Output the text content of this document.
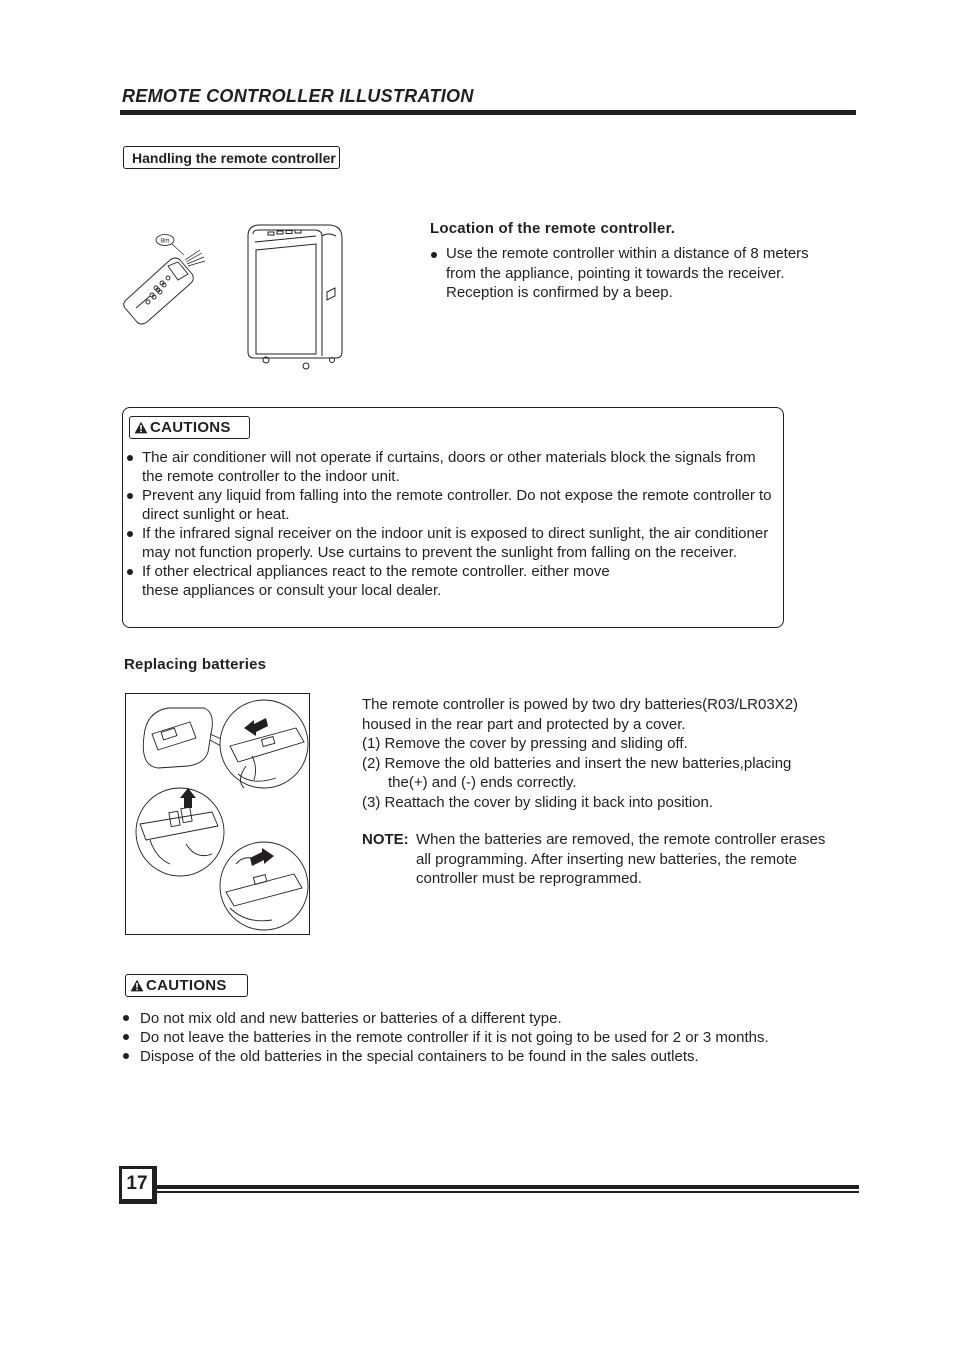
REMOTE CONTROLLER ILLUSTRATION
Handling the remote controller
8m
Location of the remote controller.
Use the remote controller within a distance of 8 meters from the appliance, pointing it towards the receiver. Reception is confirmed by a beep.
CAUTIONS
The air conditioner will not operate if curtains, doors or other materials block the signals from the remote controller to the indoor unit.
Prevent any liquid from falling into the remote controller. Do not expose the remote controller to direct sunlight or heat.
If the infrared signal receiver on the indoor unit is exposed to direct sunlight, the air conditioner may not function properly. Use curtains to prevent the sunlight from falling on the receiver.
If other electrical appliances react to the remote controller. either move these appliances or consult your local dealer.
Replacing batteries
The remote controller is powed by two dry batteries(R03/LR03X2)
housed in the rear part and protected by a cover.
(1) Remove the cover by pressing and sliding off.
(2) Remove the old batteries and insert the new batteries,placing
the(+) and (-) ends correctly.
(3) Reattach the cover by sliding it back into position.
NOTE: When the batteries are removed, the remote controller erases
all programming. After inserting new batteries, the remote
controller must be reprogrammed.
CAUTIONS
Do not mix old and new batteries or batteries of a different type.
Do not leave the batteries in the remote controller if it is not going to be used for 2 or 3 months.
Dispose of the old batteries in the special containers to be found in the sales outlets.
17
